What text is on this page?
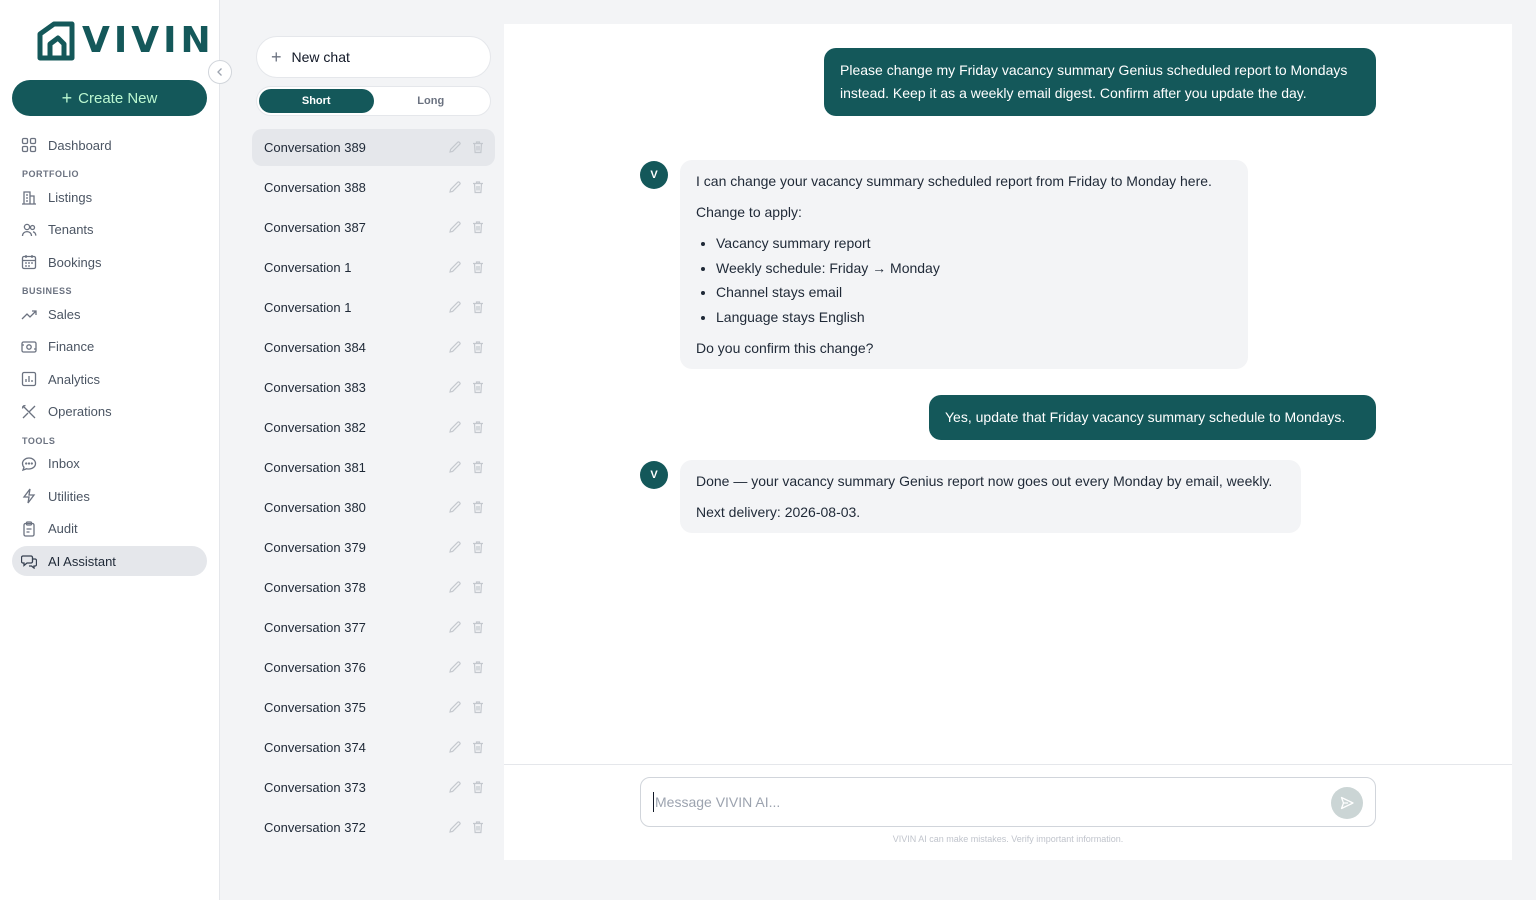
VIVIN
+ Create New
Dashboard
PORTFOLIO
Listings
Tenants
Bookings
BUSINESS
Sales
Finance
Analytics
Operations
TOOLS
Inbox
Utilities
Audit
AI Assistant
+ New chat
Short	Long
Conversation 389
Conversation 388
Conversation 387
Conversation 1
Conversation 1
Conversation 384
Conversation 383
Conversation 382
Conversation 381
Conversation 380
Conversation 379
Conversation 378
Conversation 377
Conversation 376
Conversation 375
Conversation 374
Conversation 373
Conversation 372
Please change my Friday vacancy summary Genius scheduled report to Mondays instead. Keep it as a weekly email digest. Confirm after you update the day.
V	I can change your vacancy summary scheduled report from Friday to Monday here.

Change to apply:

• Vacancy summary report
• Weekly schedule: Friday → Monday
• Channel stays email
• Language stays English

Do you confirm this change?

Yes, update that Friday vacancy summary schedule to Mondays.
V	Done — your vacancy summary Genius report now goes out every Monday by email, weekly.

Next delivery: 2026-08-03.

Message VIVIN AI...
VIVIN AI can make mistakes. Verify important information.
